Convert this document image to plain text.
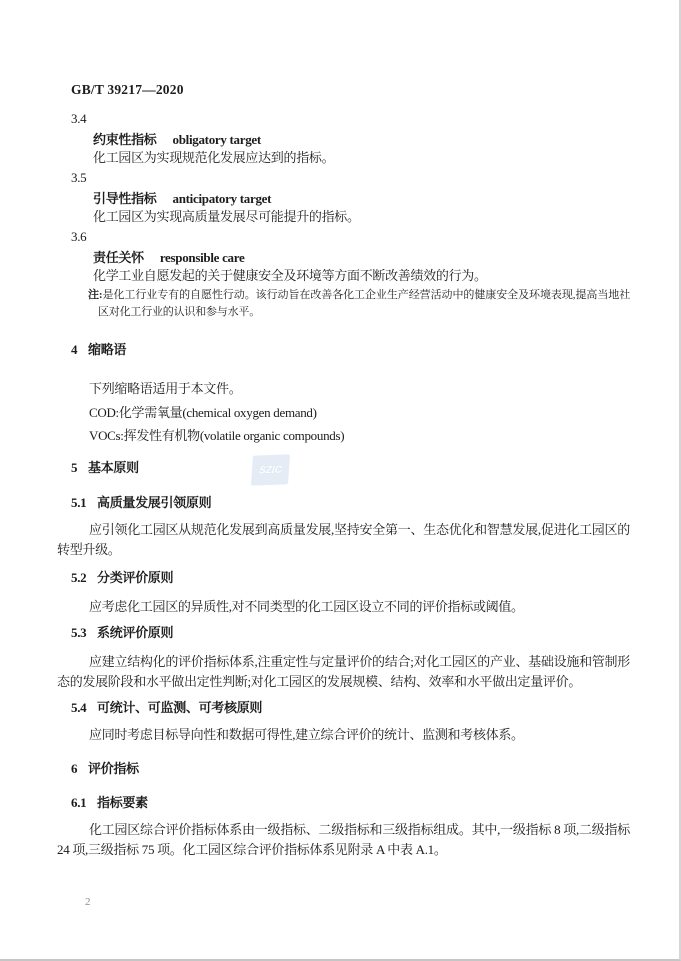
SZIC
GB/T 39217—2020
3.4
约束性指标 obligatory target
化工园区为实现规范化发展应达到的指标。
3.5
引导性指标 anticipatory target
化工园区为实现高质量发展尽可能提升的指标。
3.6
责任关怀 responsible care
化学工业自愿发起的关于健康安全及环境等方面不断改善绩效的行为。
注:是化工行业专有的自愿性行动。该行动旨在改善各化工企业生产经营活动中的健康安全及环境表现,提高当地社区对化工行业的认识和参与水平。
4 缩略语
下列缩略语适用于本文件。
COD:化学需氧量(chemical oxygen demand)
VOCs:挥发性有机物(volatile organic compounds)
5 基本原则
5.1 高质量发展引领原则
应引领化工园区从规范化发展到高质量发展,坚持安全第一、生态优化和智慧发展,促进化工园区的转型升级。
5.2 分类评价原则
应考虑化工园区的异质性,对不同类型的化工园区设立不同的评价指标或阈值。
5.3 系统评价原则
应建立结构化的评价指标体系,注重定性与定量评价的结合;对化工园区的产业、基础设施和管制形态的发展阶段和水平做出定性判断;对化工园区的发展规模、结构、效率和水平做出定量评价。
5.4 可统计、可监测、可考核原则
应同时考虑目标导向性和数据可得性,建立综合评价的统计、监测和考核体系。
6 评价指标
6.1 指标要素
化工园区综合评价指标体系由一级指标、二级指标和三级指标组成。其中,一级指标 8 项,二级指标 24 项,三级指标 75 项。化工园区综合评价指标体系见附录 A 中表 A.1。
2
